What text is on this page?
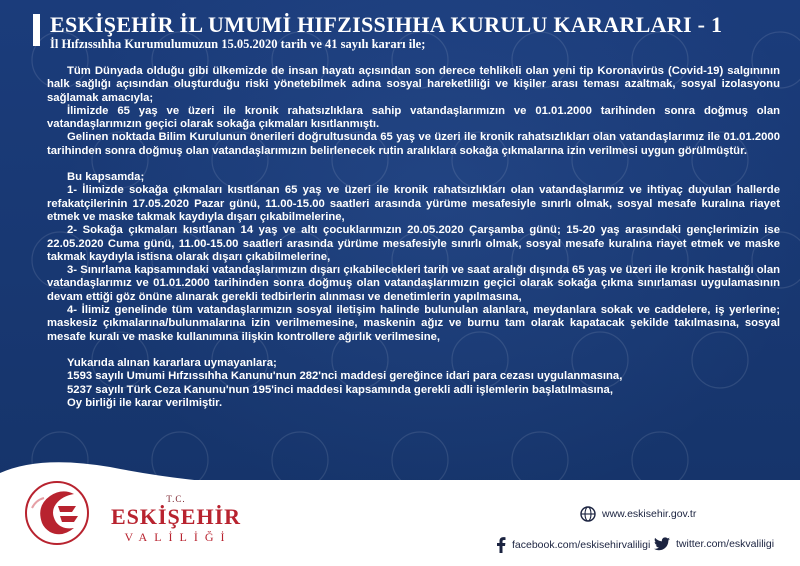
ESKİŞEHİR İL UMUMİ HIFZISSIHHA KURULU KARARLARI - 1
İl Hıfzıssıhha Kurumulumuzun 15.05.2020 tarih ve 41 sayılı kararı ile;

Tüm Dünyada olduğu gibi ülkemizde de insan hayatı açısından son derece tehlikeli olan yeni tip Koronavirüs (Covid-19) salgınının halk sağlığı açısından oluşturduğu riski yönetebilmek adına sosyal hareketliliği ve kişiler arası teması azaltmak, sosyal izolasyonu sağlamak amacıyla;

İlimizde 65 yaş ve üzeri ile kronik rahatsızlıklara sahip vatandaşlarımızın ve 01.01.2000 tarihinden sonra doğmuş olan vatandaşlarımızın geçici olarak sokağa çıkmaları kısıtlanmıştı.

Gelinen noktada Bilim Kurulunun önerileri doğrultusunda 65 yaş ve üzeri ile kronik rahatsızlıkları olan vatandaşlarımız ile 01.01.2000 tarihinden sonra doğmuş olan vatandaşlarımızın belirlenecek rutin aralıklara sokağa çıkmalarına izin verilmesi uygun görülmüştür.

Bu kapsamda;

1- İlimizde sokağa çıkmaları kısıtlanan 65 yaş ve üzeri ile kronik rahatsızlıkları olan vatandaşlarımız ve ihtiyaç duyulan hallerde refakatçilerinin 17.05.2020 Pazar günü, 11.00-15.00 saatleri arasında yürüme mesafesiyle sınırlı olmak, sosyal mesafe kuralına riayet etmek ve maske takmak kaydıyla dışarı çıkabilmelerine,

2- Sokağa çıkmaları kısıtlanan 14 yaş ve altı çocuklarımızın 20.05.2020 Çarşamba günü; 15-20 yaş arasındaki gençlerimizin ise 22.05.2020 Cuma günü, 11.00-15.00 saatleri arasında yürüme mesafesiyle sınırlı olmak, sosyal mesafe kuralına riayet etmek ve maske takmak kaydıyla istisna olarak dışarı çıkabilmelerine,

3- Sınırlama kapsamındaki vatandaşlarımızın dışarı çıkabilecekleri tarih ve saat aralığı dışında 65 yaş ve üzeri ile kronik hastalığı olan vatandaşlarımız ve 01.01.2000 tarihinden sonra doğmuş olan vatandaşlarımızın geçici olarak sokağa çıkma sınırlaması uygulamasının devam ettiği göz önüne alınarak gerekli tedbirlerin alınması ve denetimlerin yapılmasına,

4- İlimiz genelinde tüm vatandaşlarımızın sosyal iletişim halinde bulunulan alanlara, meydanlara sokak ve caddelere, iş yerlerine; maskesiz çıkmalarına/bulunmalarına izin verilmemesine, maskenin ağız ve burnu tam olarak kapatacak şekilde takılmasına, sosyal mesafe kuralı ve maske kullanımına ilişkin kontrollere ağırlık verilmesine,

Yukarıda alınan kararlara uymayanlara;

1593 sayılı Umumi Hıfzıssıhha Kanunu'nun 282'nci maddesi gereğince idari para cezası uygulanmasına,

5237 sayılı Türk Ceza Kanunu'nun 195'inci maddesi kapsamında gerekli adli işlemlerin başlatılmasına,

Oy birliği ile karar verilmiştir.

T.C.
ESKİŞEHİR
VALİLİĞİ
www.eskisehir.gov.tr
facebook.com/eskisehirvaliligi twitter.com/eskvaliligi
